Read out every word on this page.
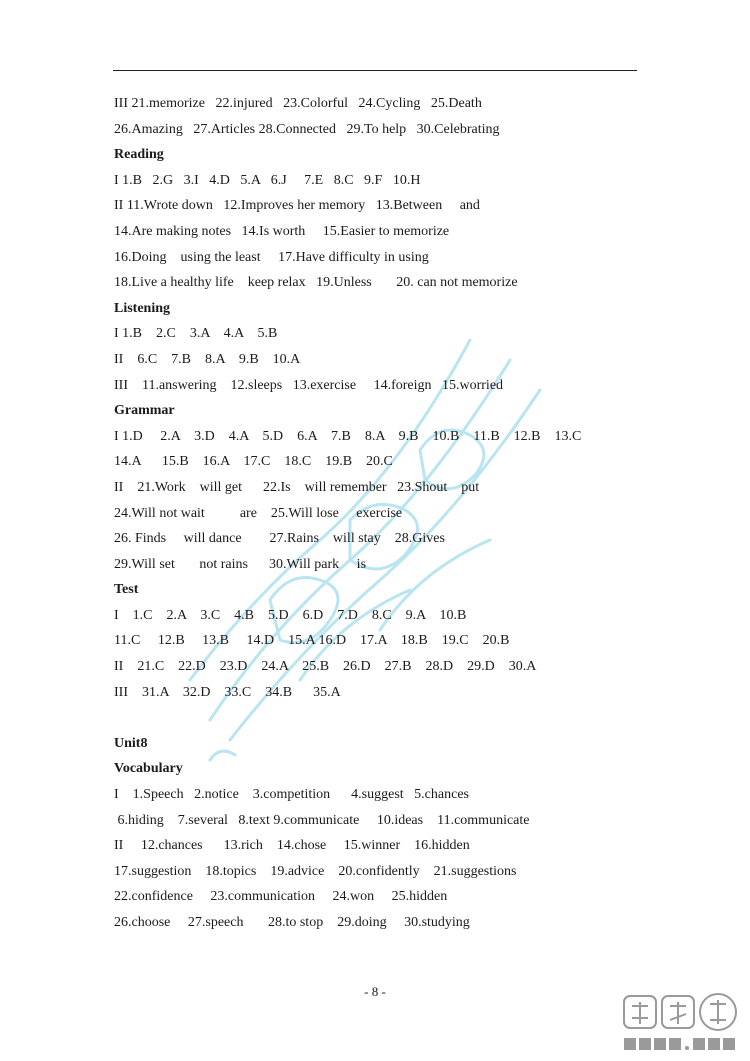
III 21.memorize   22.injured   23.Colorful   24.Cycling   25.Death
26.Amazing   27.Articles 28.Connected   29.To help   30.Celebrating
Reading
I 1.B   2.G   3.I   4.D   5.A   6.J     7.E   8.C   9.F   10.H
II 11.Wrote down   12.Improves her memory   13.Between     and
14.Are making notes   14.Is worth     15.Easier to memorize
16.Doing    using the least     17.Have difficulty in using
18.Live a healthy life    keep relax   19.Unless       20. can not memorize
Listening
I 1.B    2.C    3.A    4.A    5.B
II    6.C    7.B    8.A    9.B    10.A
III    11.answering    12.sleeps   13.exercise     14.foreign   15.worried
Grammar
I 1.D     2.A    3.D    4.A    5.D    6.A    7.B    8.A    9.B    10.B    11.B    12.B    13.C
14.A      15.B    16.A    17.C    18.C    19.B    20.C
II    21.Work    will get      22.Is    will remember   23.Shout    put
24.Will not wait          are    25.Will lose     exercise
26. Finds     will dance        27.Rains    will stay    28.Gives
29.Will set       not rains      30.Will park     is
Test
I    1.C    2.A    3.C    4.B    5.D    6.D    7.D    8.C    9.A    10.B
11.C     12.B     13.B     14.D    15.A 16.D    17.A    18.B    19.C    20.B
II    21.C    22.D    23.D    24.A    25.B    26.D    27.B    28.D    29.D    30.A
III    31.A    32.D    33.C    34.B      35.A
Unit8
Vocabulary
I    1.Speech   2.notice    3.competition      4.suggest   5.chances
6.hiding    7.several   8.text 9.communicate     10.ideas    11.communicate
II     12.chances      13.rich    14.chose     15.winner    16.hidden
17.suggestion    18.topics    19.advice    20.confidently    21.suggestions
22.confidence     23.communication     24.won     25.hidden
26.choose     27.speech       28.to stop    29.doing     30.studying
- 8 -
